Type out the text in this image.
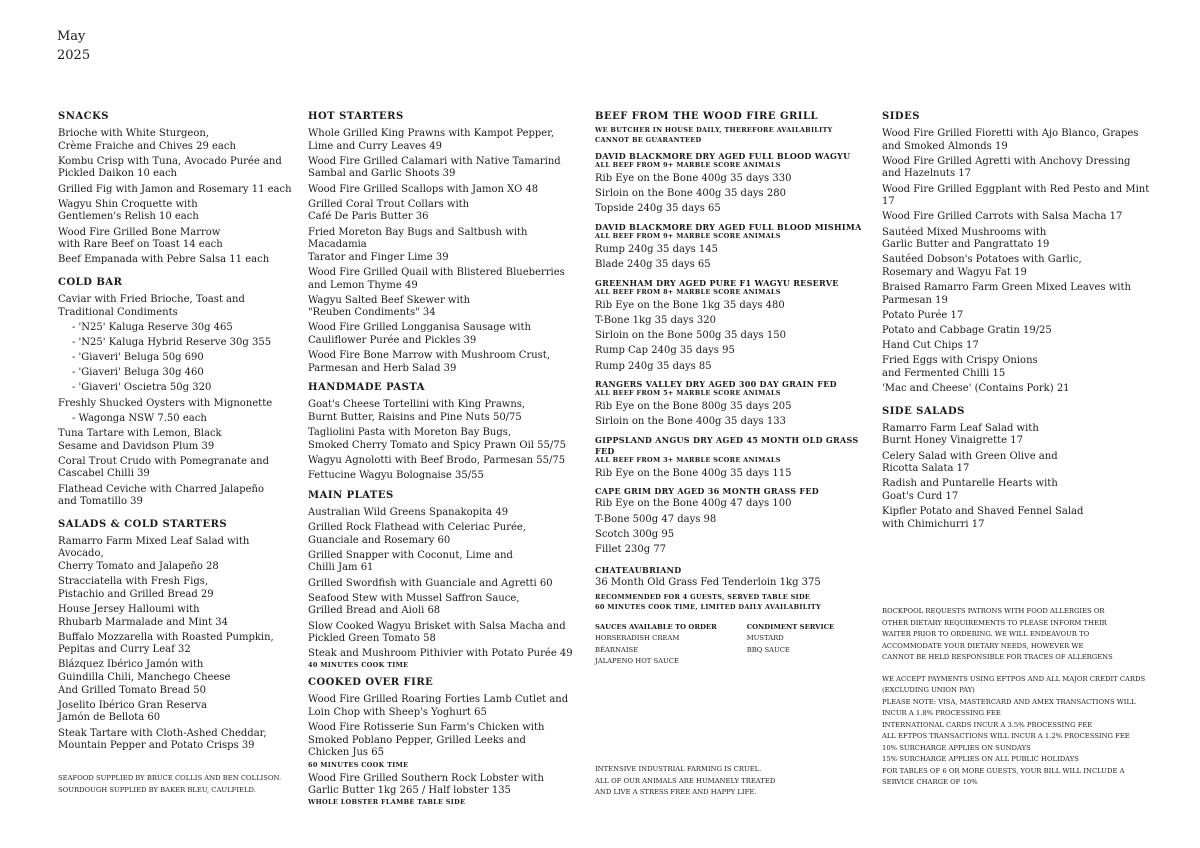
May
2025
SNACKS
Brioche with White Sturgeon,
Crème Fraiche and Chives 29 each
Kombu Crisp with Tuna, Avocado Purée and
Pickled Daikon 10 each
Grilled Fig with Jamon and Rosemary 11 each
Wagyu Shin Croquette with
Gentlemen's Relish 10 each
Wood Fire Grilled Bone Marrow
with Rare Beef on Toast 14 each
Beef Empanada with Pebre Salsa 11 each
COLD BAR
Caviar with Fried Brioche, Toast and
Traditional Condiments
- 'N25' Kaluga Reserve 30g 465
- 'N25' Kaluga Hybrid Reserve 30g 355
- 'Giaveri' Beluga 50g 690
- 'Giaveri' Beluga 30g 460
- 'Giaveri' Oscietra 50g 320
Freshly Shucked Oysters with Mignonette
- Wagonga NSW 7.50 each
Tuna Tartare with Lemon, Black
Sesame and Davidson Plum 39
Coral Trout Crudo with Pomegranate and
Cascabel Chilli 39
Flathead Ceviche with Charred Jalapeño
and Tomatillo 39
SALADS & COLD STARTERS
Ramarro Farm Mixed Leaf Salad with Avocado,
Cherry Tomato and Jalapeño 28
Stracciatella with Fresh Figs,
Pistachio and Grilled Bread 29
House Jersey Halloumi with
Rhubarb Marmalade and Mint 34
Buffalo Mozzarella with Roasted Pumpkin,
Pepitas and Curry Leaf 32
Blázquez Ibérico Jamón with
Guindilla Chili, Manchego Cheese
And Grilled Tomato Bread 50
Joselito Ibérico Gran Reserva
Jamón de Bellota 60
Steak Tartare with Cloth-Ashed Cheddar,
Mountain Pepper and Potato Crisps 39
SEAFOOD SUPPLIED BY BRUCE COLLIS AND BEN COLLISON.
SOURDOUGH SUPPLIED BY BAKER BLEU, CAULFIELD.
HOT STARTERS
Whole Grilled King Prawns with Kampot Pepper,
Lime and Curry Leaves 49
Wood Fire Grilled Calamari with Native Tamarind
Sambal and Garlic Shoots 39
Wood Fire Grilled Scallops with Jamon XO 48
Grilled Coral Trout Collars with
Café De Paris Butter 36
Fried Moreton Bay Bugs and Saltbush with Macadamia
Tarator and Finger Lime 39
Wood Fire Grilled Quail with Blistered Blueberries
and Lemon Thyme 49
Wagyu Salted Beef Skewer with
"Reuben Condiments" 34
Wood Fire Grilled Longganisa Sausage with
Cauliflower Purée and Pickles 39
Wood Fire Bone Marrow with Mushroom Crust,
Parmesan and Herb Salad 39
HANDMADE PASTA
Goat's Cheese Tortellini with King Prawns,
Burnt Butter, Raisins and Pine Nuts 50/75
Tagliolini Pasta with Moreton Bay Bugs,
Smoked Cherry Tomato and Spicy Prawn Oil 55/75
Wagyu Agnolotti with Beef Brodo, Parmesan 55/75
Fettucine Wagyu Bolognaise 35/55
MAIN PLATES
Australian Wild Greens Spanakopita 49
Grilled Rock Flathead with Celeriac Purée,
Guanciale and Rosemary 60
Grilled Snapper with Coconut, Lime and
Chilli Jam 61
Grilled Swordfish with Guanciale and Agretti 60
Seafood Stew with Mussel Saffron Sauce,
Grilled Bread and Aioli 68
Slow Cooked Wagyu Brisket with Salsa Macha and
Pickled Green Tomato 58
Steak and Mushroom Pithivier with Potato Purée 49
40 MINUTES COOK TIME
COOKED OVER FIRE
Wood Fire Grilled Roaring Forties Lamb Cutlet and
Loin Chop with Sheep's Yoghurt 65
Wood Fire Rotisserie Sun Farm's Chicken with
Smoked Poblano Pepper, Grilled Leeks and
Chicken Jus 65
60 MINUTES COOK TIME
Wood Fire Grilled Southern Rock Lobster with
Garlic Butter 1kg 265 / Half lobster 135
WHOLE LOBSTER FLAMBÉ TABLE SIDE
BEEF FROM THE WOOD FIRE GRILL
WE BUTCHER IN HOUSE DAILY, THEREFORE AVAILABILITY
CANNOT BE GUARANTEED
DAVID BLACKMORE DRY AGED FULL BLOOD WAGYU
ALL BEEF FROM 9+ MARBLE SCORE ANIMALS
Rib Eye on the Bone 400g 35 days 330
Sirloin on the Bone 400g 35 days 280
Topside 240g 35 days 65
DAVID BLACKMORE DRY AGED FULL BLOOD MISHIMA
ALL BEEF FROM 9+ MARBLE SCORE ANIMALS
Rump 240g 35 days 145
Blade 240g 35 days 65
GREENHAM DRY AGED PURE F1 WAGYU RESERVE
ALL BEEF FROM 8+ MARBLE SCORE ANIMALS
Rib Eye on the Bone 1kg 35 days 480
T-Bone 1kg 35 days 320
Sirloin on the Bone 500g 35 days 150
Rump Cap 240g 35 days 95
Rump 240g 35 days 85
RANGERS VALLEY DRY AGED 300 DAY GRAIN FED
ALL BEEF FROM 5+ MARBLE SCORE ANIMALS
Rib Eye on the Bone 800g 35 days 205
Sirloin on the Bone 400g 35 days 133
GIPPSLAND ANGUS DRY AGED 45 MONTH OLD GRASS FED
ALL BEEF FROM 3+ MARBLE SCORE ANIMALS
Rib Eye on the Bone 400g 35 days 115
CAPE GRIM DRY AGED 36 MONTH GRASS FED
Rib Eye on the Bone 400g 47 days 100
T-Bone 500g 47 days 98
Scotch 300g 95
Fillet 230g 77
CHATEAUBRIAND
36 Month Old Grass Fed Tenderloin 1kg 375
RECOMMENDED FOR 4 GUESTS, SERVED TABLE SIDE
60 MINUTES COOK TIME, LIMITED DAILY AVAILABILITY
SAUCES AVAILABLE TO ORDER
HORSERADISH CREAM
BÉARNAISE
JALAPENO HOT SAUCE
CONDIMENT SERVICE
MUSTARD
BBQ SAUCE
INTENSIVE INDUSTRIAL FARMING IS CRUEL.
ALL OF OUR ANIMALS ARE HUMANELY TREATED
AND LIVE A STRESS FREE AND HAPPY LIFE.
SIDES
Wood Fire Grilled Fioretti with Ajo Blanco, Grapes
and Smoked Almonds 19
Wood Fire Grilled Agretti with Anchovy Dressing
and Hazelnuts 17
Wood Fire Grilled Eggplant with Red Pesto and Mint 17
Wood Fire Grilled Carrots with Salsa Macha 17
Sautéed Mixed Mushrooms with
Garlic Butter and Pangrattato 19
Sautéed Dobson's Potatoes with Garlic,
Rosemary and Wagyu Fat 19
Braised Ramarro Farm Green Mixed Leaves with
Parmesan 19
Potato Purée 17
Potato and Cabbage Gratin 19/25
Hand Cut Chips 17
Fried Eggs with Crispy Onions
and Fermented Chilli 15
'Mac and Cheese' (Contains Pork) 21
SIDE SALADS
Ramarro Farm Leaf Salad with
Burnt Honey Vinaigrette 17
Celery Salad with Green Olive and
Ricotta Salata 17
Radish and Puntarelle Hearts with
Goat's Curd 17
Kipfler Potato and Shaved Fennel Salad
with Chimichurri 17
ROCKPOOL REQUESTS PATRONS WITH FOOD ALLERGIES OR
OTHER DIETARY REQUIREMENTS TO PLEASE INFORM THEIR
WAITER PRIOR TO ORDERING. WE WILL ENDEAVOUR TO
ACCOMMODATE YOUR DIETARY NEEDS, HOWEVER WE
CANNOT BE HELD RESPONSIBLE FOR TRACES OF ALLERGENS
WE ACCEPT PAYMENTS USING EFTPOS AND ALL MAJOR CREDIT CARDS
(EXCLUDING UNION PAY)
PLEASE NOTE: VISA, MASTERCARD AND AMEX TRANSACTIONS WILL
INCUR A 1.8% PROCESSING FEE
INTERNATIONAL CARDS INCUR A 3.5% PROCESSING FEE
ALL EFTPOS TRANSACTIONS WILL INCUR A 1.2% PROCESSING FEE
10% SURCHARGE APPLIES ON SUNDAYS
15% SURCHARGE APPLIES ON ALL PUBLIC HOLIDAYS
FOR TABLES OF 6 OR MORE GUESTS, YOUR BILL WILL INCLUDE A
SERVICE CHARGE OF 10%
